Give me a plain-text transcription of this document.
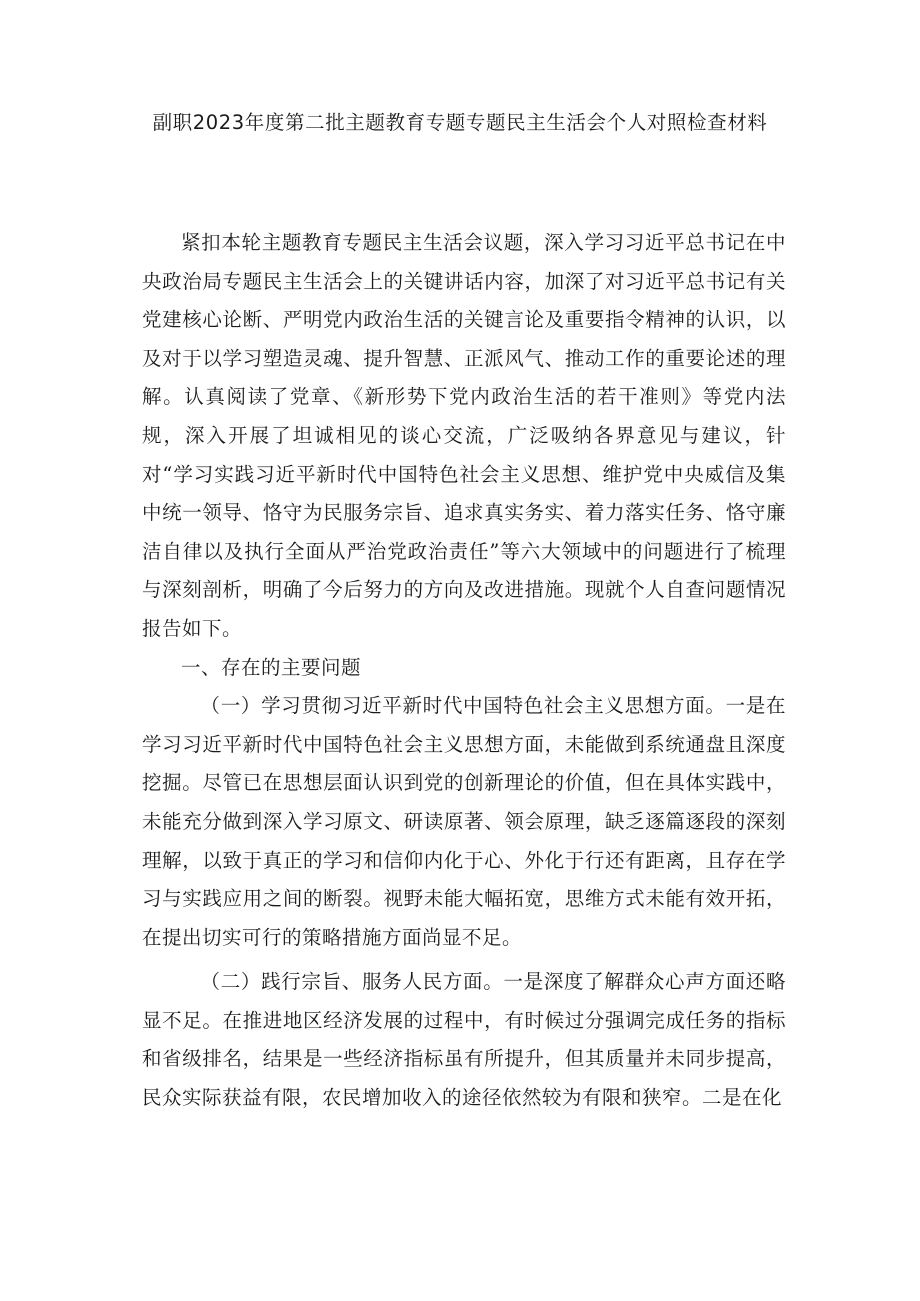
副职2023年度第二批主题教育专题专题民主生活会个人对照检查材料

紧扣本轮主题教育专题民主生活会议题，深入学习习近平总书记在中央政治局专题民主生活会上的关键讲话内容，加深了对习近平总书记有关党建核心论断、严明党内政治生活的关键言论及重要指令精神的认识，以及对于以学习塑造灵魂、提升智慧、正派风气、推动工作的重要论述的理解。认真阅读了党章、《新形势下党内政治生活的若干准则》等党内法规，深入开展了坦诚相见的谈心交流，广泛吸纳各界意见与建议，针对“学习实践习近平新时代中国特色社会主义思想、维护党中央威信及集中统一领导、恪守为民服务宗旨、追求真实务实、着力落实任务、恪守廉洁自律以及执行全面从严治党政治责任”等六大领域中的问题进行了梳理与深刻剖析，明确了今后努力的方向及改进措施。现就个人自查问题情况报告如下。

一、存在的主要问题

（一）学习贯彻习近平新时代中国特色社会主义思想方面。一是在学习习近平新时代中国特色社会主义思想方面，未能做到系统通盘且深度挖掘。尽管已在思想层面认识到党的创新理论的价值，但在具体实践中，未能充分做到深入学习原文、研读原著、领会原理，缺乏逐篇逐段的深刻理解，以致于真正的学习和信仰内化于心、外化于行还有距离，且存在学习与实践应用之间的断裂。视野未能大幅拓宽，思维方式未能有效开拓，在提出切实可行的策略措施方面尚显不足。

（二）践行宗旨、服务人民方面。一是深度了解群众心声方面还略显不足。在推进地区经济发展的过程中，有时候过分强调完成任务的指标和省级排名，结果是一些经济指标虽有所提升，但其质量并未同步提高，民众实际获益有限，农民增加收入的途径依然较为有限和狭窄。二是在化
